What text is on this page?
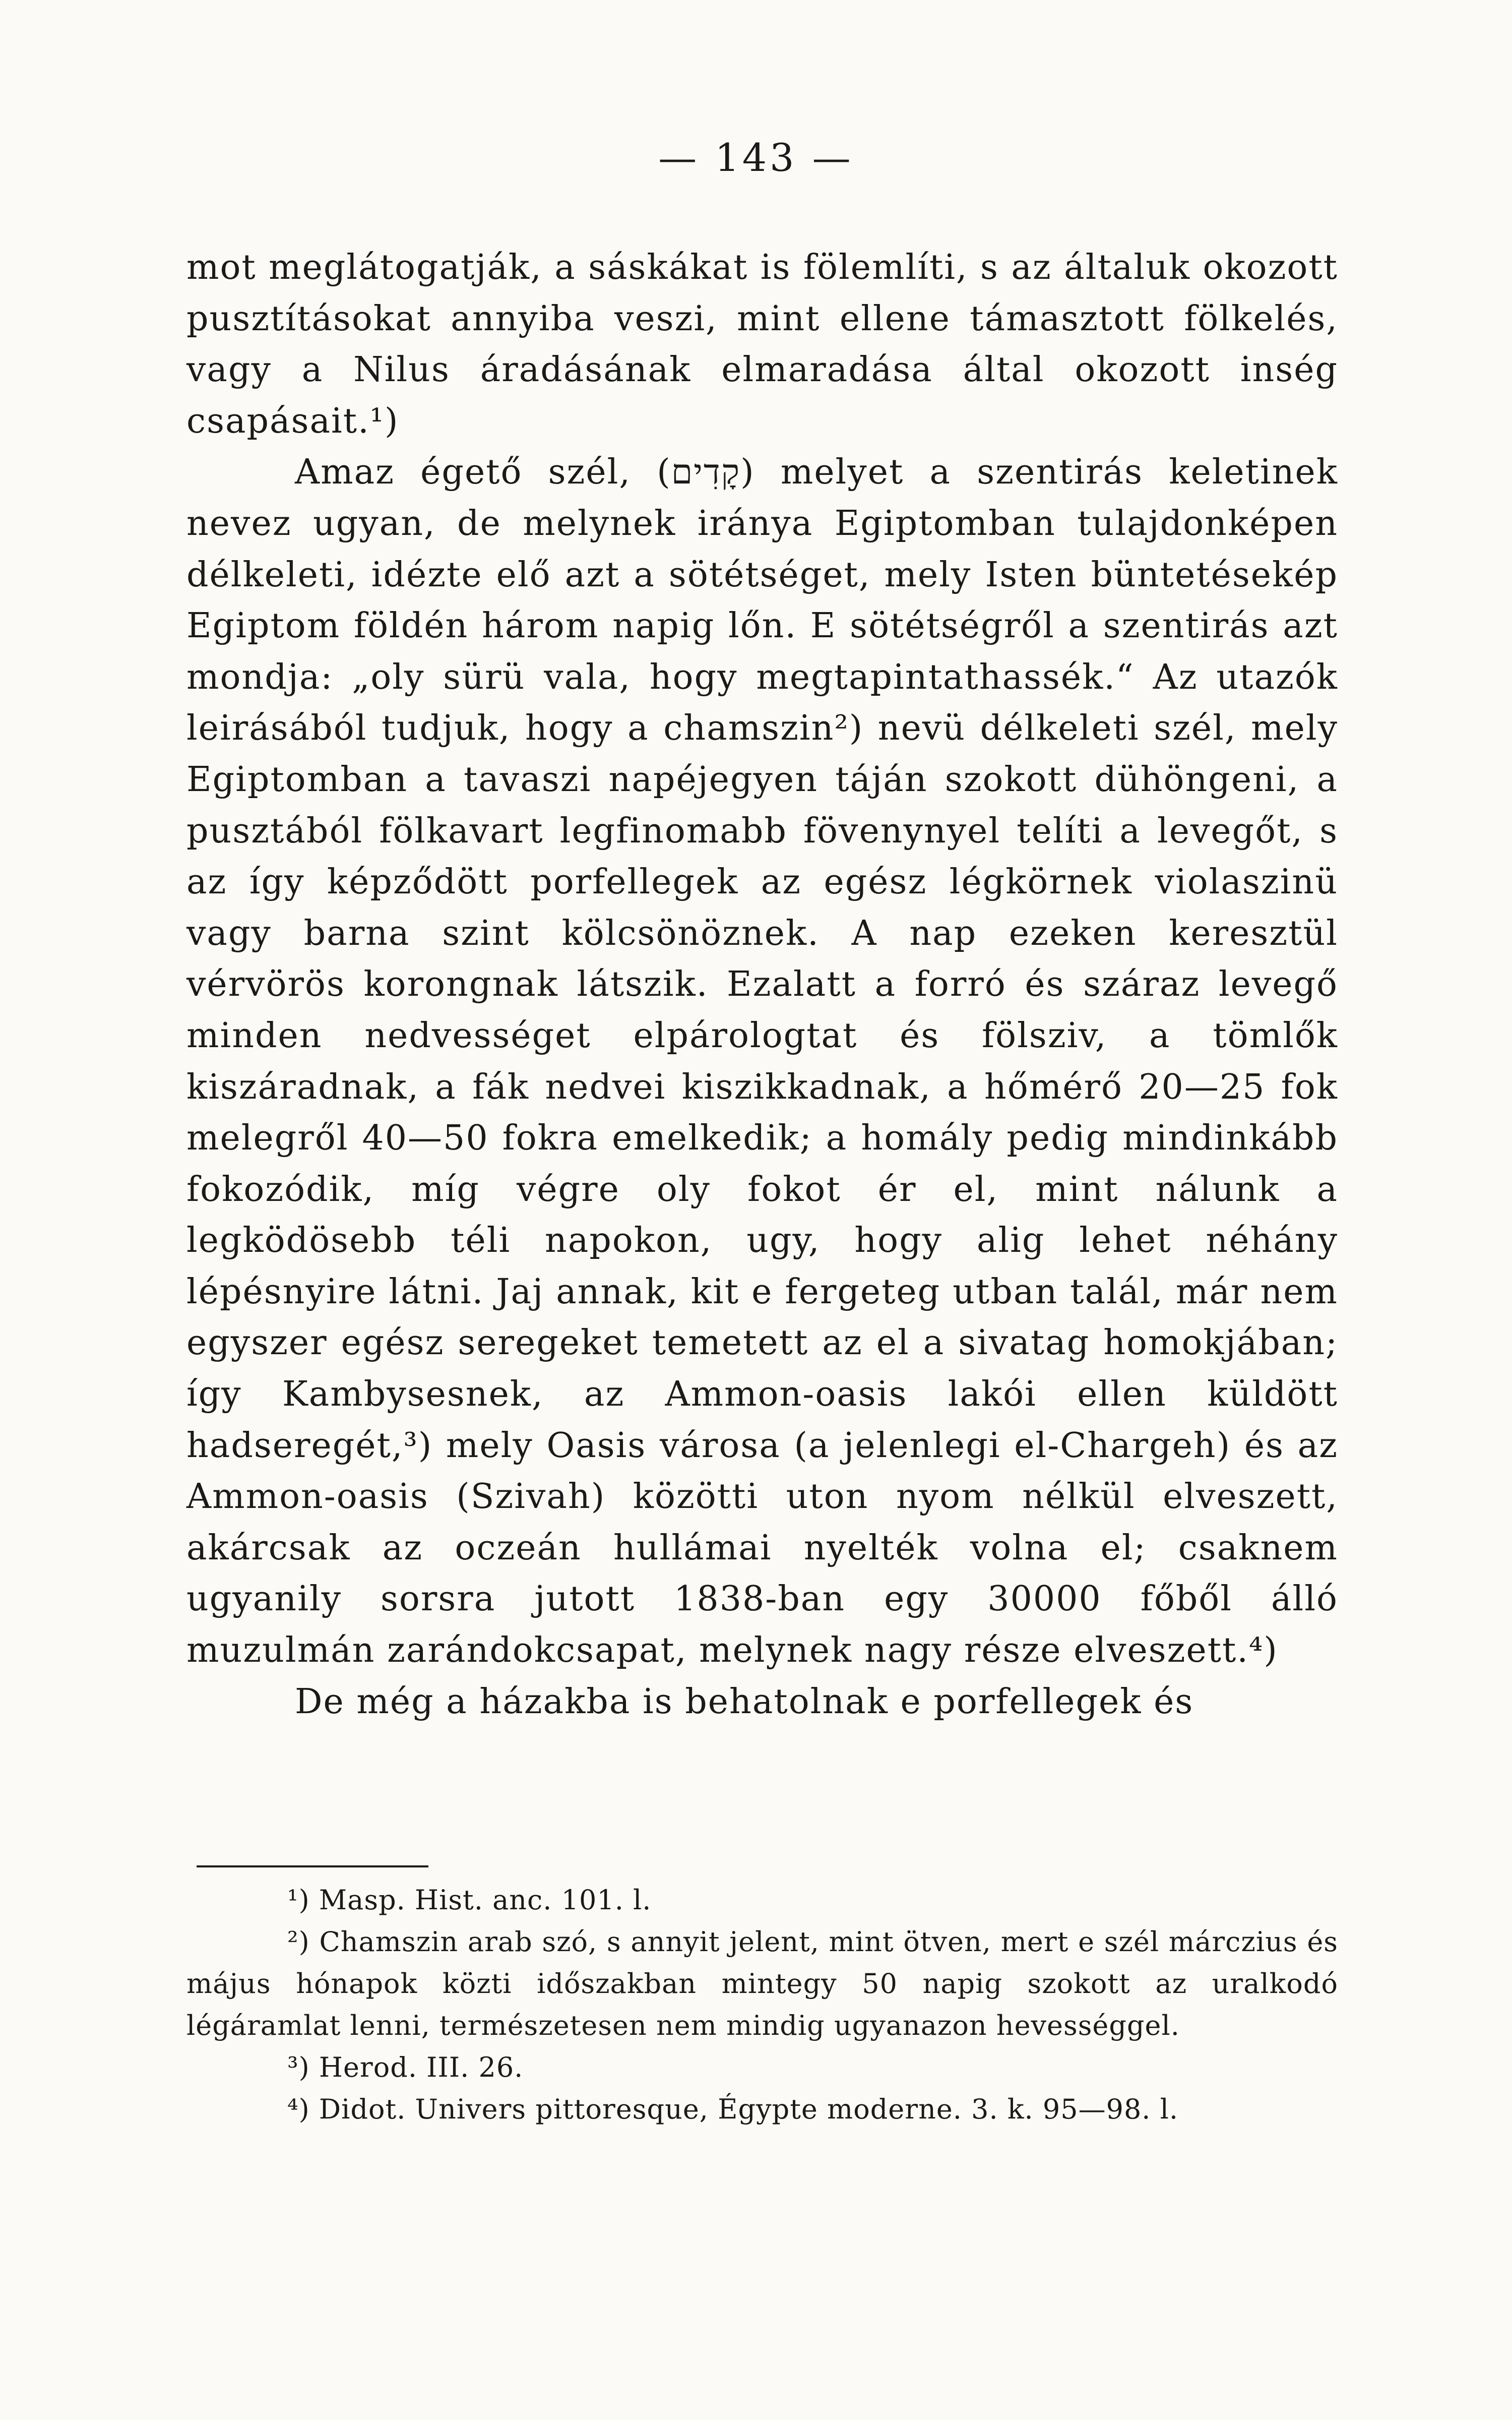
— 143 —

mot meglátogatják, a sáskákat is fölemlíti, s az általuk okozott pusztításokat annyiba veszi, mint ellene támasztott fölkelés, vagy a Nilus áradásának elmaradása által okozott inség csapásait.¹)

Amaz égető szél, (קָדִים) melyet a szentirás keletinek nevez ugyan, de melynek iránya Egiptomban tulajdonképen délkeleti, idézte elő azt a sötétséget, mely Isten büntetésekép Egiptom földén három napig lőn. E sötétségről a szentirás azt mondja: „oly sürü vala, hogy megtapintathassék.“ Az utazók leirásából tudjuk, hogy a chamszin²) nevü délkeleti szél, mely Egiptomban a tavaszi napéjegyen táján szokott dühöngeni, a pusztából fölkavart legfinomabb fövenynyel telíti a levegőt, s az így képződött porfellegek az egész légkörnek violaszinü vagy barna szint kölcsönöznek. A nap ezeken keresztül vérvörös korongnak látszik. Ezalatt a forró és száraz levegő minden nedvességet elpárologtat és fölsziv, a tömlők kiszáradnak, a fák nedvei kiszikkadnak, a hőmérő 20—25 fok melegről 40—50 fokra emelkedik; a homály pedig mindinkább fokozódik, míg végre oly fokot ér el, mint nálunk a legködösebb téli napokon, ugy, hogy alig lehet néhány lépésnyire látni. Jaj annak, kit e fergeteg utban talál, már nem egyszer egész seregeket temetett az el a sivatag homokjában; így Kambysesnek, az Ammon-oasis lakói ellen küldött hadseregét,³) mely Oasis városa (a jelenlegi el-Chargeh) és az Ammon-oasis (Szivah) közötti uton nyom nélkül elveszett, akárcsak az oczeán hullámai nyelték volna el; csaknem ugyanily sorsra jutott 1838-ban egy 30000 főből álló muzulmán zarándokcsapat, melynek nagy része elveszett.⁴)

De még a házakba is behatolnak e porfellegek és

¹) Masp. Hist. anc. 101. l.

²) Chamszin arab szó, s annyit jelent, mint ötven, mert e szél márczius és május hónapok közti időszakban mintegy 50 napig szokott az uralkodó légáramlat lenni, természetesen nem mindig ugyanazon hevességgel.

³) Herod. III. 26.

⁴) Didot. Univers pittoresque, Égypte moderne. 3. k. 95—98. l.
